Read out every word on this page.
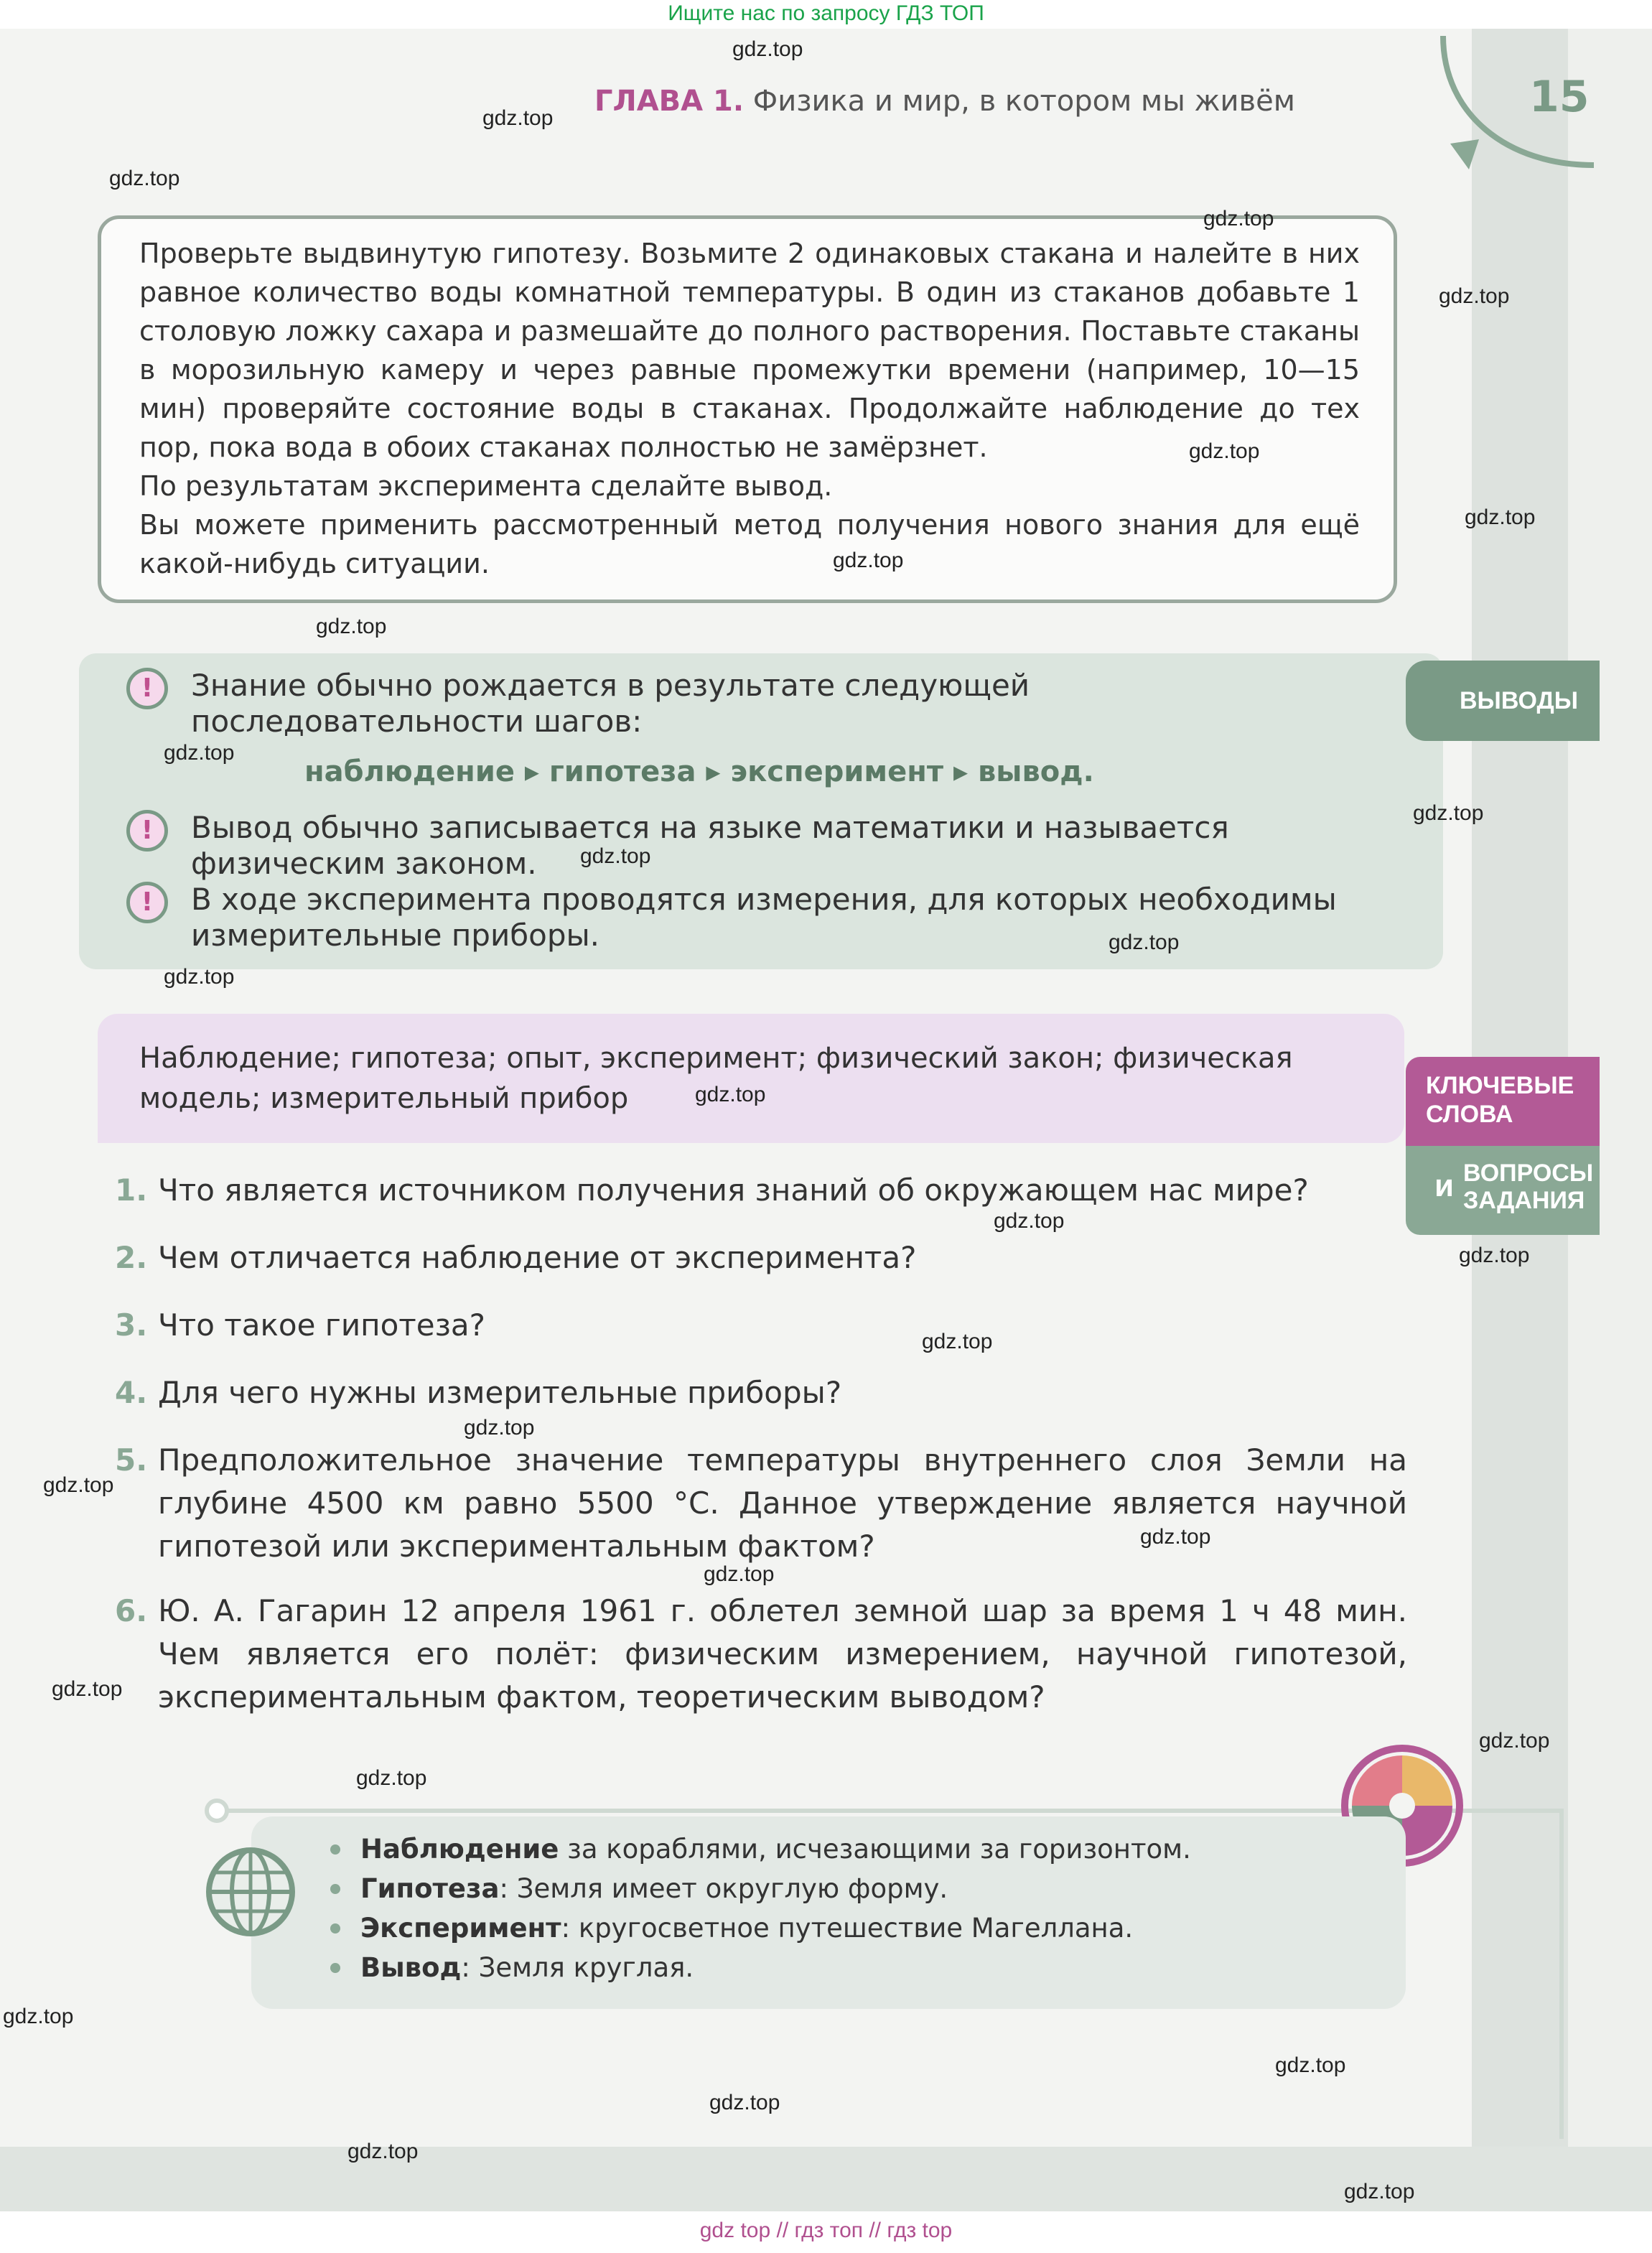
Ищите нас по запросу ГДЗ ТОП
ГЛАВА 1. Физика и мир, в котором мы живём	15

Проверьте выдвинутую гипотезу. Возьмите 2 одинаковых стакана и налейте в них равное количество воды комнатной температуры. В один из стаканов добавьте 1 столовую ложку сахара и размешайте до полного растворения. Поставьте стаканы в морозильную камеру и через равные промежутки времени (например, 10—15 мин) проверяйте состояние воды в стаканах. Продолжайте наблюдение до тех пор, пока вода в обоих стаканах полностью не замёрзнет.

По результатам эксперимента сделайте вывод.

Вы можете применить рассмотренный метод получения нового знания для ещё какой-нибудь ситуации.

ВЫВОДЫ
!	Знание обычно рождается в результате следующей последовательности шагов:
наблюдение ▸ гипотеза ▸ эксперимент ▸ вывод.
!	Вывод обычно записывается на языке математики и называется физическим законом.
!	В ходе эксперимента проводятся измерения, для которых необходимы измерительные приборы.
Наблюдение; гипотеза; опыт, эксперимент; физический закон; физическая модель; измерительный прибор	КЛЮЧЕВЫЕ
СЛОВА
и ВОПРОСЫ
ЗАДАНИЯ
1. Что является источником получения знаний об окружающем нас мире?
2. Чем отличается наблюдение от эксперимента?
3. Что такое гипотеза?
4. Для чего нужны измерительные приборы?
5. Предположительное значение температуры внутреннего слоя Земли на глубине 4500 км равно 5500 °С. Данное утверждение является научной гипотезой или экспериментальным фактом?
6. Ю. А. Гагарин 12 апреля 1961 г. облетел земной шар за время 1 ч 48 мин. Чем является его полёт: физическим измерением, научной гипотезой, экспериментальным фактом, теоретическим выводом?
Наблюдение за кораблями, исчезающими за горизонтом.
Гипотеза: Земля имеет округлую форму.
Эксперимент: кругосветное путешествие Магеллана.
Вывод: Земля круглая.
gdz.top
gdz.top
gdz.top
gdz.top
gdz.top
gdz.top
gdz.top
gdz.top
gdz.top
gdz.top
gdz.top
gdz.top
gdz.top
gdz.top
gdz.top
gdz.top
gdz.top
gdz.top
gdz.top
gdz.top
gdz.top
gdz.top
gdz.top
gdz.top
gdz.top
gdz.top
gdz.top
gdz.top
gdz.top
gdz.top
gdz top // гдз топ // гдз top
